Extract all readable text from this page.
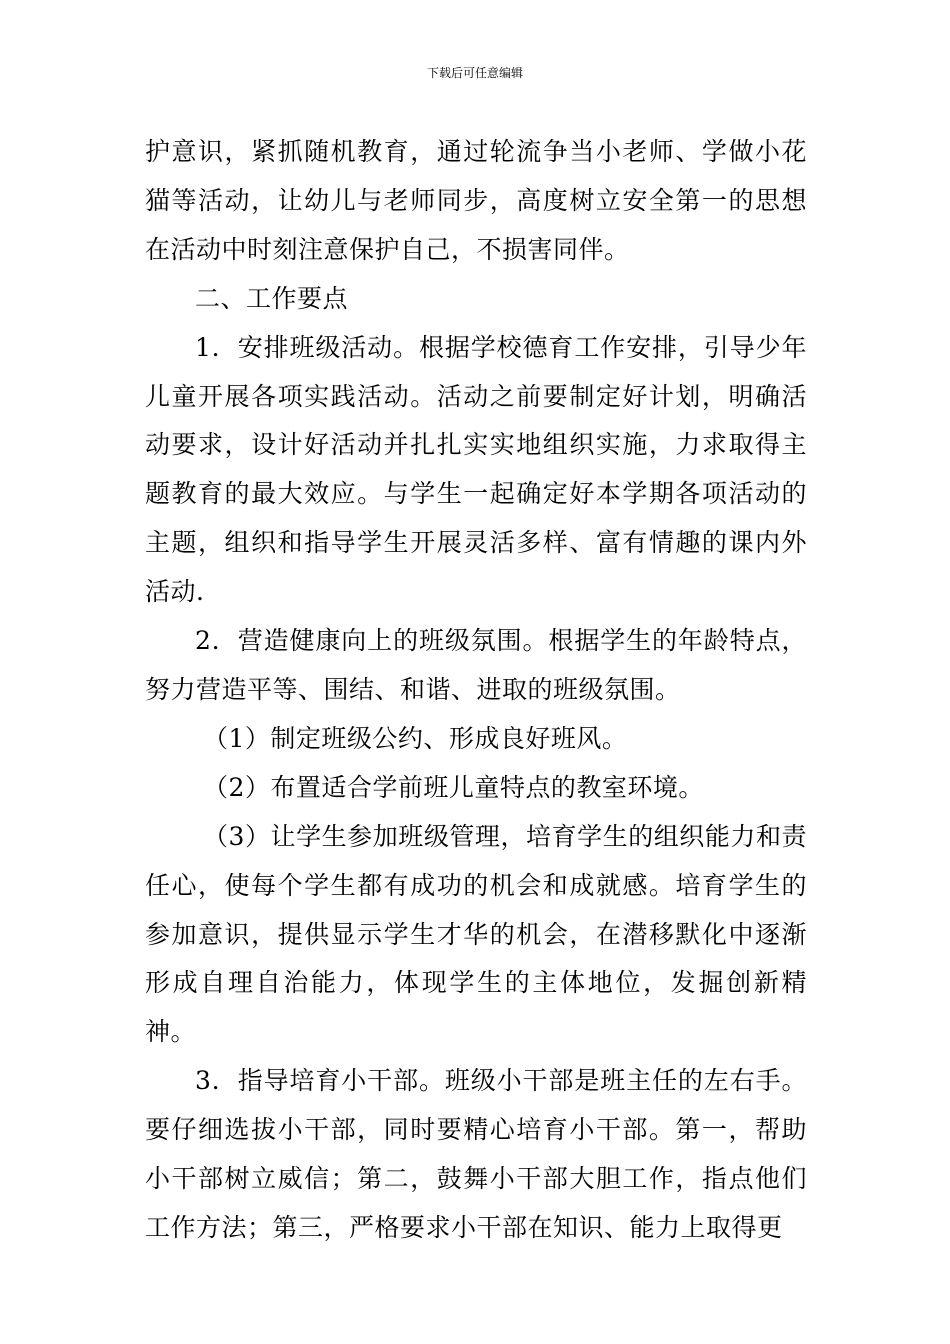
下载后可任意编辑

护意识，紧抓随机教育，通过轮流争当小老师、学做小花猫等活动，让幼儿与老师同步，高度树立安全第一的思想在活动中时刻注意保护自己，不损害同伴。

二、工作要点

1．安排班级活动。根据学校德育工作安排，引导少年儿童开展各项实践活动。活动之前要制定好计划，明确活动要求，设计好活动并扎扎实实地组织实施，力求取得主题教育的最大效应。与学生一起确定好本学期各项活动的主题，组织和指导学生开展灵活多样、富有情趣的课内外活动.

2．营造健康向上的班级氛围。根据学生的年龄特点，努力营造平等、围结、和谐、进取的班级氛围。

（1）制定班级公约、形成良好班风。

（2）布置适合学前班儿童特点的教室环境。

（3）让学生参加班级管理，培育学生的组织能力和责任心，使每个学生都有成功的机会和成就感。培育学生的参加意识，提供显示学生才华的机会，在潜移默化中逐渐形成自理自治能力，体现学生的主体地位，发掘创新精神。

3．指导培育小干部。班级小干部是班主任的左右手。要仔细选拔小干部，同时要精心培育小干部。第一，帮助小干部树立威信；第二，鼓舞小干部大胆工作，指点他们工作方法；第三，严格要求小干部在知识、能力上取得更
